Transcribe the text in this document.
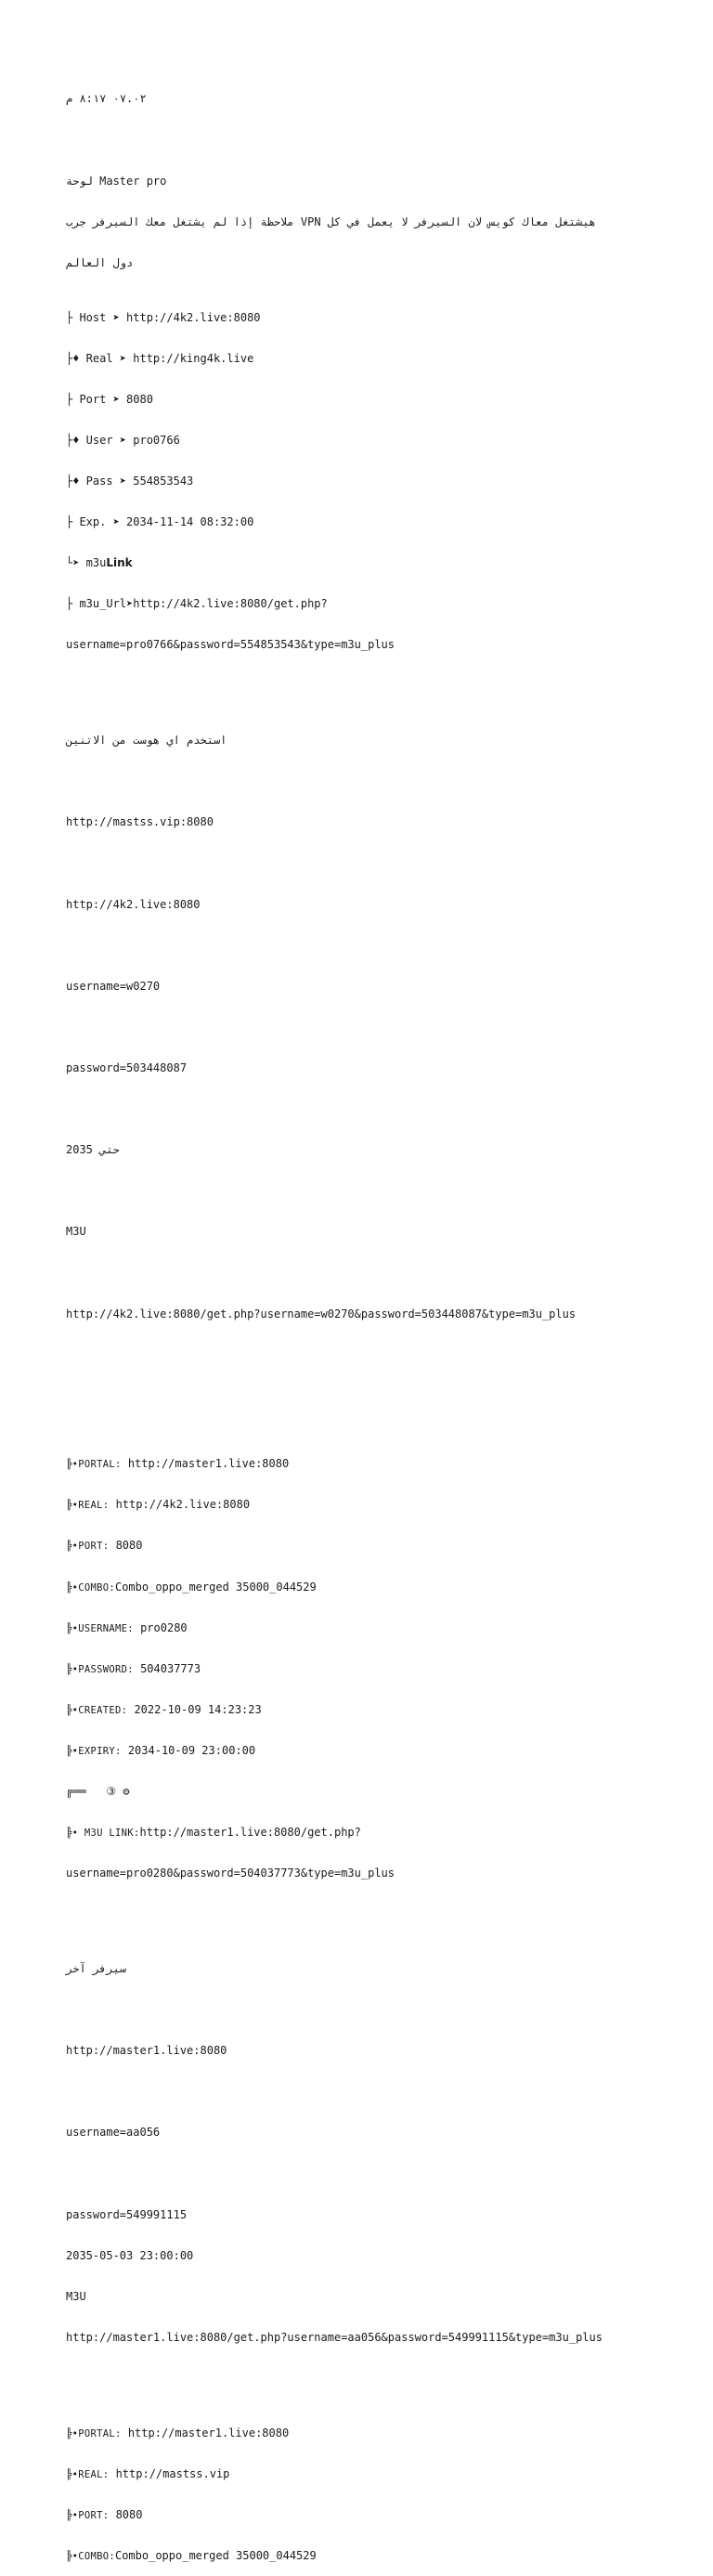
٠٧.٠٢ ٨:١٧ م

لوحة Master pro

هيشتغل معاك كويس لان السيرفر لا يعمل في كل VPN ملاحظة إذا لم يشتغل معك السيرفر جرب

دول العالم

├ Host ➤ http://4k2.live:8080

├♦ Real ➤ http://king4k.live

├ Port ➤ 8080

├♦ User ➤ pro0766

├♦ Pass ➤ 554853543

├ Exp. ➤ 2034-11-14 08:32:00

└➤ m3uLink

├ m3u_Url➤http://4k2.live:8080/get.php?

username=pro0766&password=554853543&type=m3u_plus

استخدم اي هوست من الاتنين

http://mastss.vip:8080

http://4k2.live:8080

username=w0270

password=503448087

حتي 2035

M3U

http://4k2.live:8080/get.php?username=w0270&password=503448087&type=m3u_plus

╠•PORTAL: http://master1.live:8080

╠•REAL: http://4k2.live:8080

╠•PORT: 8080

╠•COMBO:Combo_oppo_merged 35000_044529

╠•USERNAME: pro0280

╠•PASSWORD: 504037773

╠•CREATED: 2022-10-09 14:23:23

╠•EXPIRY: 2034-10-09 23:00:00

╔══   ③ ⚙

╠• M3U LINK:http://master1.live:8080/get.php?

username=pro0280&password=504037773&type=m3u_plus

سيرفر آخر

http://master1.live:8080

username=aa056

password=549991115

2035-05-03 23:00:00

M3U

http://master1.live:8080/get.php?username=aa056&password=549991115&type=m3u_plus

╠•PORTAL: http://master1.live:8080

╠•REAL: http://mastss.vip

╠•PORT: 8080

╠•COMBO:Combo_oppo_merged 35000_044529
